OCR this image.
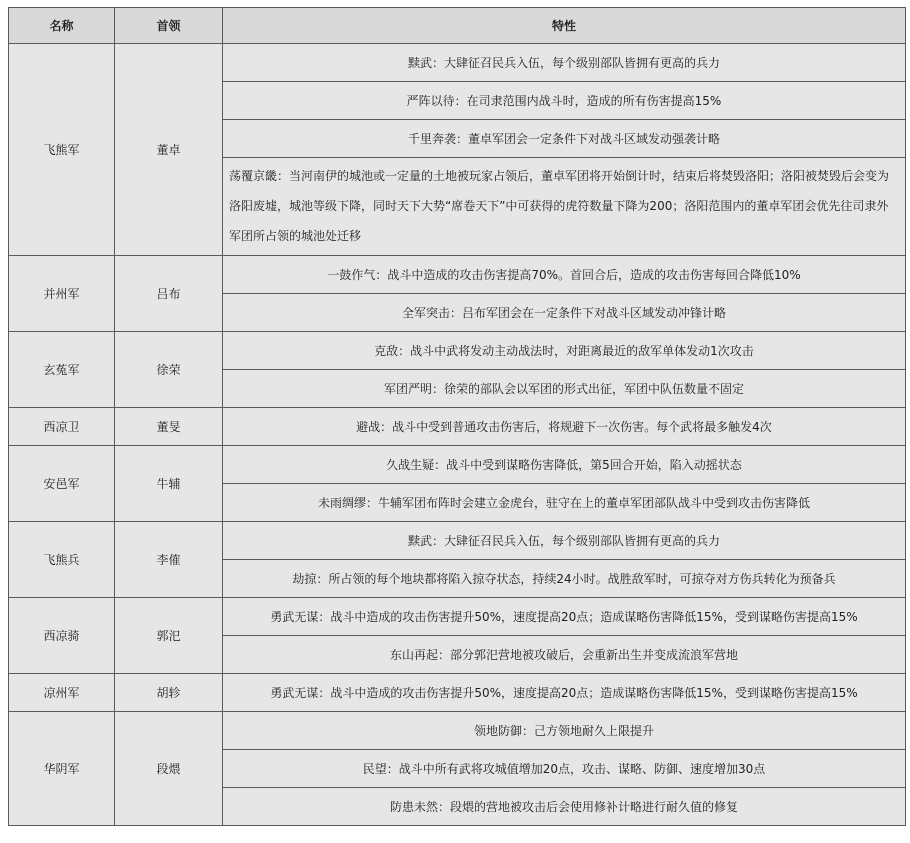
名称	首领	特性
飞熊军	董卓	黩武：大肆征召民兵入伍，每个级别部队皆拥有更高的兵力
		严阵以待：在司隶范围内战斗时，造成的所有伤害提高15%
		千里奔袭：董卓军团会一定条件下对战斗区域发动强袭计略
		荡覆京畿：当河南伊的城池或一定量的土地被玩家占领后，董卓军团将开始倒计时，结束后将焚毁洛阳；洛阳被焚毁后会变为洛阳废墟，城池等级下降，同时天下大势“席卷天下”中可获得的虎符数量下降为200；洛阳范围内的董卓军团会优先往司隶外军团所占领的城池处迁移
并州军	吕布	一鼓作气：战斗中造成的攻击伤害提高70%。首回合后，造成的攻击伤害每回合降低10%
		全军突击：吕布军团会在一定条件下对战斗区域发动冲锋计略
玄菟军	徐荣	克敌：战斗中武将发动主动战法时，对距离最近的敌军单体发动1次攻击
		军团严明：徐荣的部队会以军团的形式出征，军团中队伍数量不固定
西凉卫	董旻	避战：战斗中受到普通攻击伤害后，将规避下一次伤害。每个武将最多触发4次
安邑军	牛辅	久战生疑：战斗中受到谋略伤害降低，第5回合开始，陷入动摇状态
		未雨绸缪：牛辅军团布阵时会建立金虎台，驻守在上的董卓军团部队战斗中受到攻击伤害降低
飞熊兵	李傕	黩武：大肆征召民兵入伍，每个级别部队皆拥有更高的兵力
		劫掠：所占领的每个地块都将陷入掠夺状态，持续24小时。战胜敌军时，可掠夺对方伤兵转化为预备兵
西凉骑	郭汜	勇武无谋：战斗中造成的攻击伤害提升50%，速度提高20点；造成谋略伤害降低15%，受到谋略伤害提高15%
		东山再起：部分郭汜营地被攻破后，会重新出生并变成流浪军营地
凉州军	胡轸	勇武无谋：战斗中造成的攻击伤害提升50%，速度提高20点；造成谋略伤害降低15%，受到谋略伤害提高15%
华阴军	段煨	领地防御：己方领地耐久上限提升
		民望：战斗中所有武将攻城值增加20点，攻击、谋略、防御、速度增加30点
		防患未然：段煨的营地被攻击后会使用修补计略进行耐久值的修复
